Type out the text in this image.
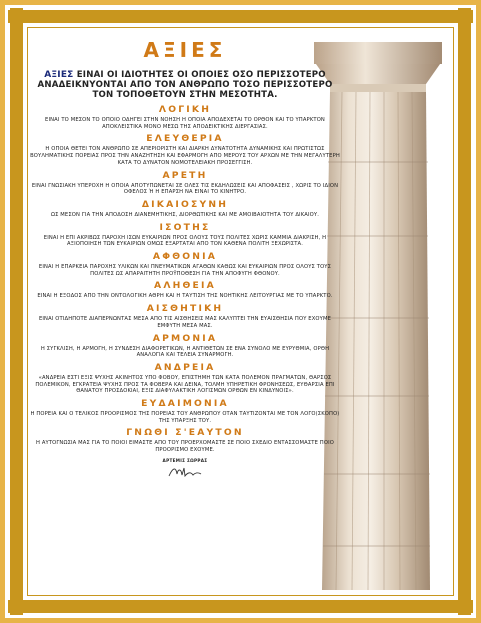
ΑΞΙΕΣ
ΑΞΙΕΣ ΕΙΝΑΙ ΟΙ ΙΔΙΟΤΗΤΕΣ ΟΙ ΟΠΟΙΕΣ ΟΣΟ ΠΕΡΙΣΣΟΤΕΡΟ ΑΝΑΔΕΙΚΝΥΟΝΤΑΙ ΑΠΟ ΤΟΝ ΑΝΘΡΩΠΟ ΤΟΣΟ ΠΕΡΙΣΣΟΤΕΡΟ ΤΟΝ ΤΟΠΟΘΕΤΟΥΝ ΣΤΗΝ ΜΕΣΟΤΗΤΑ.
ΛΟΓΙΚΗ
ΕΙΝΑΙ ΤΟ ΜΕΣΟΝ ΤΟ ΟΠΟΙΟ ΟΔΗΓΕΙ ΣΤΗΝ ΝΟΗΣΗ Η ΟΠΟΙΑ ΑΠΟΔΕΧΕΤΑΙ ΤΟ ΟΡΘΟΝ ΚΑΙ ΤΟ ΥΠΑΡΚΤΟΝ ΑΠΟΚΛΕΙΣΤΙΚΑ ΜΟΝΟ ΜΕΣΩ ΤΗΣ ΑΠΟΔΕΙΚΤΙΚΗΣ ΔΙΕΡΓΑΣΙΑΣ.
ΕΛΕΥΘΕΡΙΑ
Η ΟΠΟΙΑ ΘΕΤΕΙ ΤΟΝ ΑΝΘΡΩΠΟ ΣΕ ΑΠΕΡΙΟΡΙΣΤΗ ΚΑΙ ΔΙΑΡΚΗ ΔΥΝΑΤΟΤΗΤΑ ΔΥΝΑΜΙΚΗΣ ΚΑΙ ΠΡΩΤΙΣΤΩΣ ΒΟΥΛΗΜΑΤΙΚΗΣ ΠΟΡΕΙΑΣ ΠΡΟΣ ΤΗΝ ΑΝΑΖΗΤΗΣΗ ΚΑΙ ΕΦΑΡΜΟΓΗ ΑΠΟ ΜΕΡΟΥΣ ΤΟΥ ΑΡΧΩΝ ΜΕ ΤΗΝ ΜΕΓΑΛΥΤΕΡΗ ΚΑΤΑ ΤΟ ΔΥΝΑΤΟΝ ΝΟΜΟΤΕΛΕΙΑΚΗ ΠΡΟΣΕΓΓΙΣΗ.
ΑΡΕΤΗ
ΕΙΝΑΙ ΓΝΩΣΙΑΚΗ ΥΠΕΡΟΧΗ Η ΟΠΟΙΑ ΑΠΟΤΥΠΩΝΕΤΑΙ ΣΕ ΟΛΕΣ ΤΙΣ ΕΚΔΗΛΩΣΕΙΣ ΚΑΙ ΑΠΟΦΑΣΕΙΣ , ΧΩΡΙΣ ΤΟ ΙΔΙΟΝ ΟΦΕΛΟΣ Ή Η ΕΠΑΡΣΗ ΝΑ ΕΙΝΑΙ ΤΟ ΚΙΝΗΤΡΟ.
ΔΙΚΑΙΟΣΥΝΗ
ΩΣ ΜΕΣΟΝ ΓΙΑ ΤΗΝ ΑΠΟΔΟΣΗ ΔΙΑΝΕΜΗΤΙΚΗΣ, ΔΙΟΡΘΩΤΙΚΗΣ ΚΑΙ ΜΕ ΑΜΟΙΒΑΙΟΤΗΤΑ ΤΟΥ ΔΙΚΑΙΟΥ.
ΙΣΟΤΗΣ
ΕΙΝΑΙ Η ΕΠΙ ΑΚΡΙΒΩΣ ΠΑΡΟΧΗ ΙΣΩΝ ΕΥΚΑΙΡΙΩΝ ΠΡΟΣ ΟΛΟΥΣ ΤΟΥΣ ΠΟΛΙΤΕΣ ΧΩΡΙΣ ΚΑΜΜΙΑ ΔΙΑΚΡΙΣΗ, Η ΑΞΙΟΠΟΙΗΣΗ ΤΩΝ ΕΥΚΑΙΡΙΩΝ ΟΜΩΣ ΕΞΑΡΤΑΤΑΙ ΑΠΟ ΤΟΝ ΚΑΘΕΝΑ ΠΟΛΙΤΗ ΞΕΧΩΡΙΣΤΑ.
ΑΦΘΟΝΙΑ
ΕΙΝΑΙ Η ΕΠΑΡΚΕΙΑ ΠΑΡΟΧΗΣ ΥΛΙΚΩΝ ΚΑΙ ΠΝΕΥΜΑΤΙΚΩΝ ΑΓΑΘΩΝ ΚΑΘΩΣ ΚΑΙ ΕΥΚΑΙΡΙΩΝ ΠΡΟΣ ΟΛΟΥΣ ΤΟΥΣ ΠΟΛΙΤΕΣ ΩΣ ΑΠΑΡΑΙΤΗΤΗ ΠΡΟΫΠΟΘΕΣΗ ΓΙΑ ΤΗΝ ΑΠΟΦΥΓΗ ΦΘΟΝΟΥ.
ΑΛΗΘΕΙΑ
ΕΙΝΑΙ Η ΕΞΟΔΟΣ ΑΠΟ ΤΗΝ ΟΝΤΟΛΟΓΙΚΗ ΑΘΡΗ ΚΑΙ Η ΤΑΥΤΙΣΗ ΤΗΣ ΝΟΗΤΙΚΗΣ ΛΕΙΤΟΥΡΓΙΑΣ ΜΕ ΤΟ ΥΠΑΡΚΤΟ.
ΑΙΣΘΗΤΙΚΗ
ΕΙΝΑΙ ΟΤΙΔΗΠΟΤΕ ΔΙΑΠΕΡΝΩΝΤΑΣ ΜΕΣΑ ΑΠΟ ΤΙΣ ΑΙΣΘΗΣΕΙΣ ΜΑΣ ΚΑΛΥΠΤΕΙ ΤΗΝ ΕΥΑΙΣΘΗΣΙΑ ΠΟΥ ΕΧΟΥΜΕ ΕΜΦΥΤΗ ΜΕΣΑ ΜΑΣ.
ΑΡΜΟΝΙΑ
Η ΣΥΓΚΛΙΣΗ, Η ΑΡΜΟΓΗ, Η ΣΥΝΔΕΣΗ ΔΙΑΦΟΡΕΤΙΚΩΝ, Η ΑΝΤΙΘΕΤΩΝ ΣΕ ΕΝΑ ΣΥΝΟΛΟ ΜΕ ΕΥΡΥΘΜΙΑ, ΟΡΘΗ ΑΝΑΛΟΓΙΑ ΚΑΙ ΤΕΛΕΙΑ ΣΥΝΑΡΜΟΓΗ.
ΑΝΔΡΕΙΑ
«ΑΝΔΡΕΙΑ ΕΣΤΙ ΕΞΙΣ ΨΥΧΗΣ ΑΚΙΝΗΤΟΣ ΥΠΟ ΦΟΒΟΥ, ΕΠΙΣΤΗΜΗ ΤΩΝ ΚΑΤΑ ΠΟΛΕΜΟΝ ΠΡΑΓΜΑΤΩΝ, ΘΑΡΣΟΣ ΠΟΛΕΜΙΚΟΝ, ΕΓΚΡΑΤΕΙΑ ΨΥΧΗΣ ΠΡΟΣ ΤΑ ΦΟΒΕΡΑ ΚΑΙ ΔΕΙΝΑ, ΤΟΛΜΗ ΥΠΗΡΕΤΙΚΗ ΦΡΟΝΗΣΕΩΣ, ΕΥΘΑΡΣΙΑ ΕΠΙ ΘΑΝΑΤΟΥ ΠΡΟΣΔΟΚΙΑΙ, ΕΞΙΣ ΔΙΑΦΥΛΑΚΤΙΚΗ ΛΟΓΙΣΜΩΝ ΟΡΘΩΝ ΕΝ ΚΙΝΔΥΝΟΙΣ».
ΕΥΔΑΙΜΟΝΙΑ
Η ΠΟΡΕΙΑ ΚΑΙ Ο ΤΕΛΙΚΟΣ ΠΡΟΟΡΙΣΜΟΣ ΤΗΣ ΠΟΡΕΙΑΣ ΤΟΥ ΑΝΘΡΩΠΟΥ ΟΤΑΝ ΤΑΥΤΙΖΟΝΤΑΙ ΜΕ ΤΟΝ ΛΟΓΟ(ΣΚΟΠΟ) ΤΗΣ ΥΠΑΡΞΗΣ ΤΟΥ.
ΓΝΩΘΙ Σ'ΕΑΥΤΟΝ
Η ΑΥΤΟΓΝΩΣΙΑ ΜΑΣ ΓΙΑ ΤΟ ΠΟΙΟΙ ΕΙΜΑΣΤΕ ΑΠΟ ΤΟΥ ΠΡΟΕΡΧΟΜΑΣΤΕ ΣΕ ΠΟΙΟ ΣΧΕΔΙΟ ΕΝΤΑΣΣΟΜΑΣΤΕ ΠΟΙΟ ΠΡΟΟΡΙΣΜΟ ΕΧΟΥΜΕ.
ΑΡΤΕΜΙΣ ΣΩΡΡΑΣ
